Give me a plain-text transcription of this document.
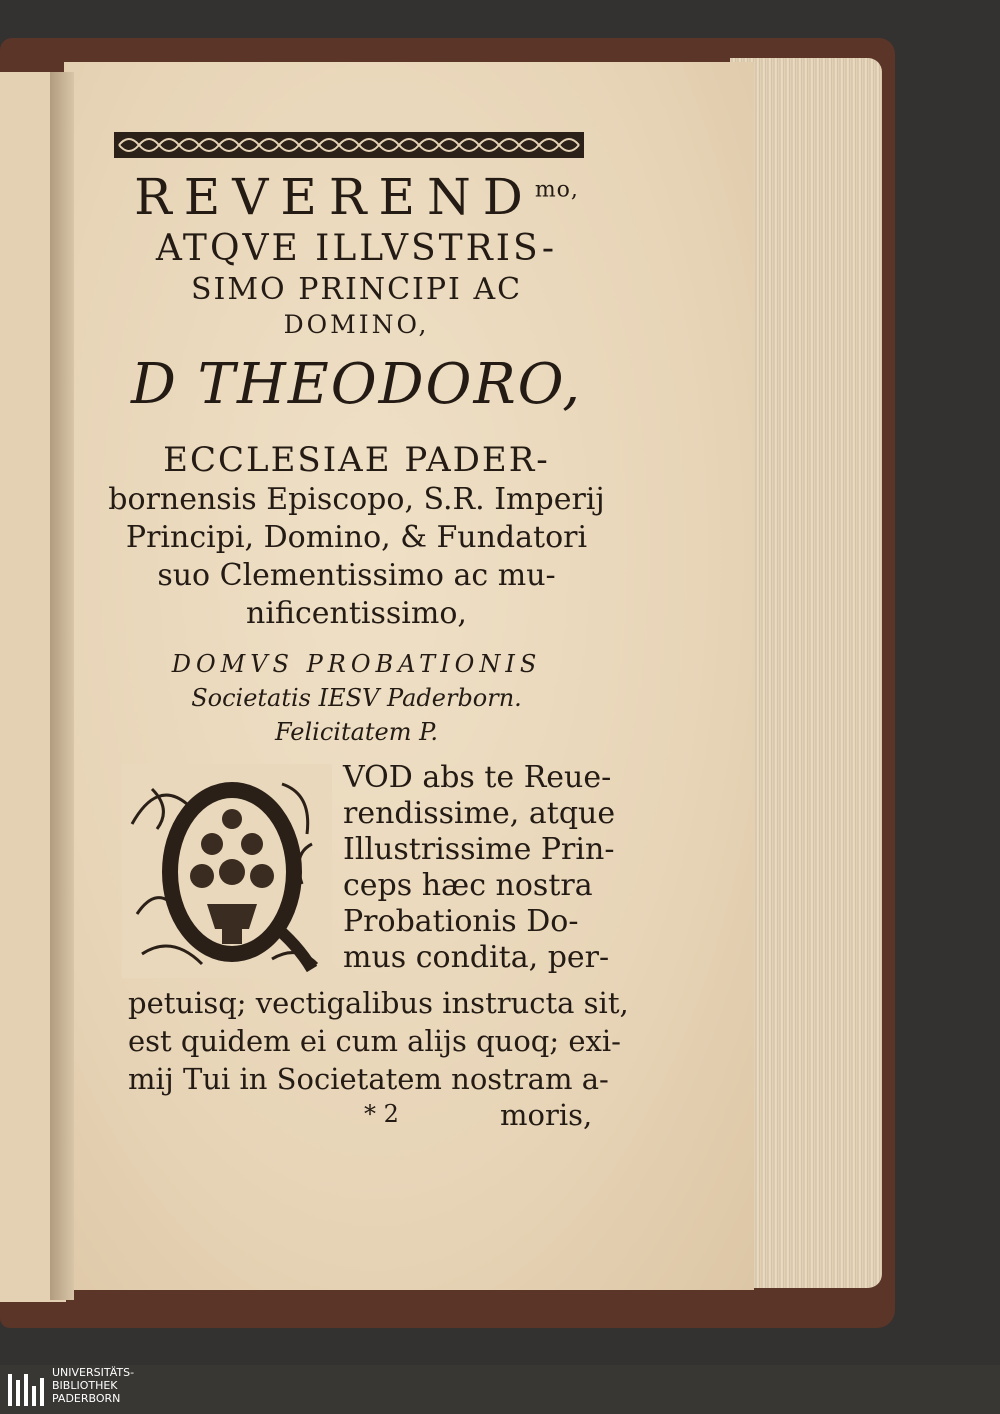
$REVEREND^{mo,}$
ATQVE ILLVSTRIS-
SIMO PRINCIPI AC
DOMINO,
D THEODORO,
ECCLESIAE PADER-
bornensis Episcopo, S.R. Imperij
Principi, Domino, & Fundatori
suo Clementissimo ac mu-
nificentissimo,
DOMVS PROBATIONIS
Societatis IESV Paderborn.
Felicitatem P.
Q
VOD abs te Reue-
rendissime, atque
Illustrissime Prin-
ceps hæc nostra
Probationis Do-
mus condita, per-
petuisq; vectigalibus instructa sit,
est quidem ei cum alijs quoq; exi-
mij Tui in Societatem nostram a-
* 2	moris,
UNIVERSITÄTS-
BIBLIOTHEK
PADERBORN
